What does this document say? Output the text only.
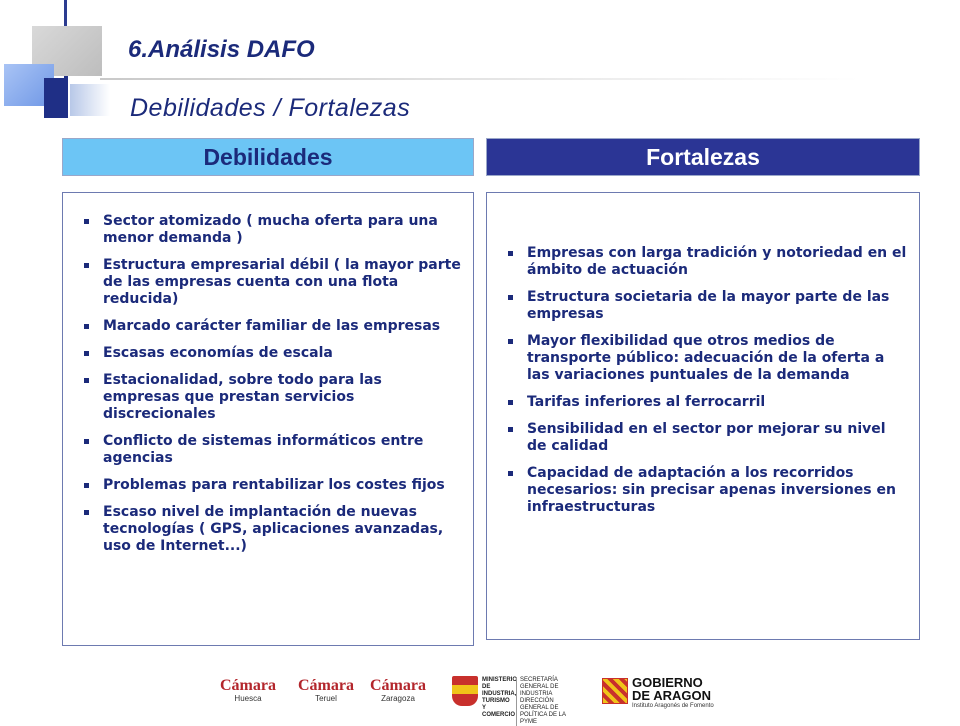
6.Análisis DAFO
Debilidades / Fortalezas
Debilidades	Fortalezas
Sector atomizado ( mucha oferta para una menor demanda )
Estructura empresarial débil ( la mayor parte de las empresas cuenta con una flota reducida)
Marcado carácter familiar de las empresas
Escasas economías de escala
Estacionalidad, sobre todo para las empresas que prestan servicios discrecionales
Conflicto de sistemas informáticos entre agencias
Problemas para rentabilizar los costes fijos
Escaso nivel de implantación de nuevas tecnologías ( GPS, aplicaciones avanzadas, uso de Internet...)
Empresas con larga tradición y notoriedad en el ámbito de actuación
Estructura societaria de la mayor parte de las empresas
Mayor flexibilidad que otros medios de transporte público: adecuación de la oferta a las variaciones puntuales de la demanda
Tarifas inferiores al ferrocarril
Sensibilidad en el sector por mejorar su nivel de calidad
Capacidad de adaptación a los recorridos necesarios: sin precisar apenas inversiones en infraestructuras
Cámara
Huesca
Cámara
Teruel
Cámara
Zaragoza
MINISTERIO DE INDUSTRIA, TURISMO Y COMERCIO
SECRETARÍA GENERAL DE INDUSTRIA DIRECCIÓN GENERAL DE POLÍTICA DE LA PYME
GOBIERNO
DE ARAGON
Instituto Aragonés de Fomento
